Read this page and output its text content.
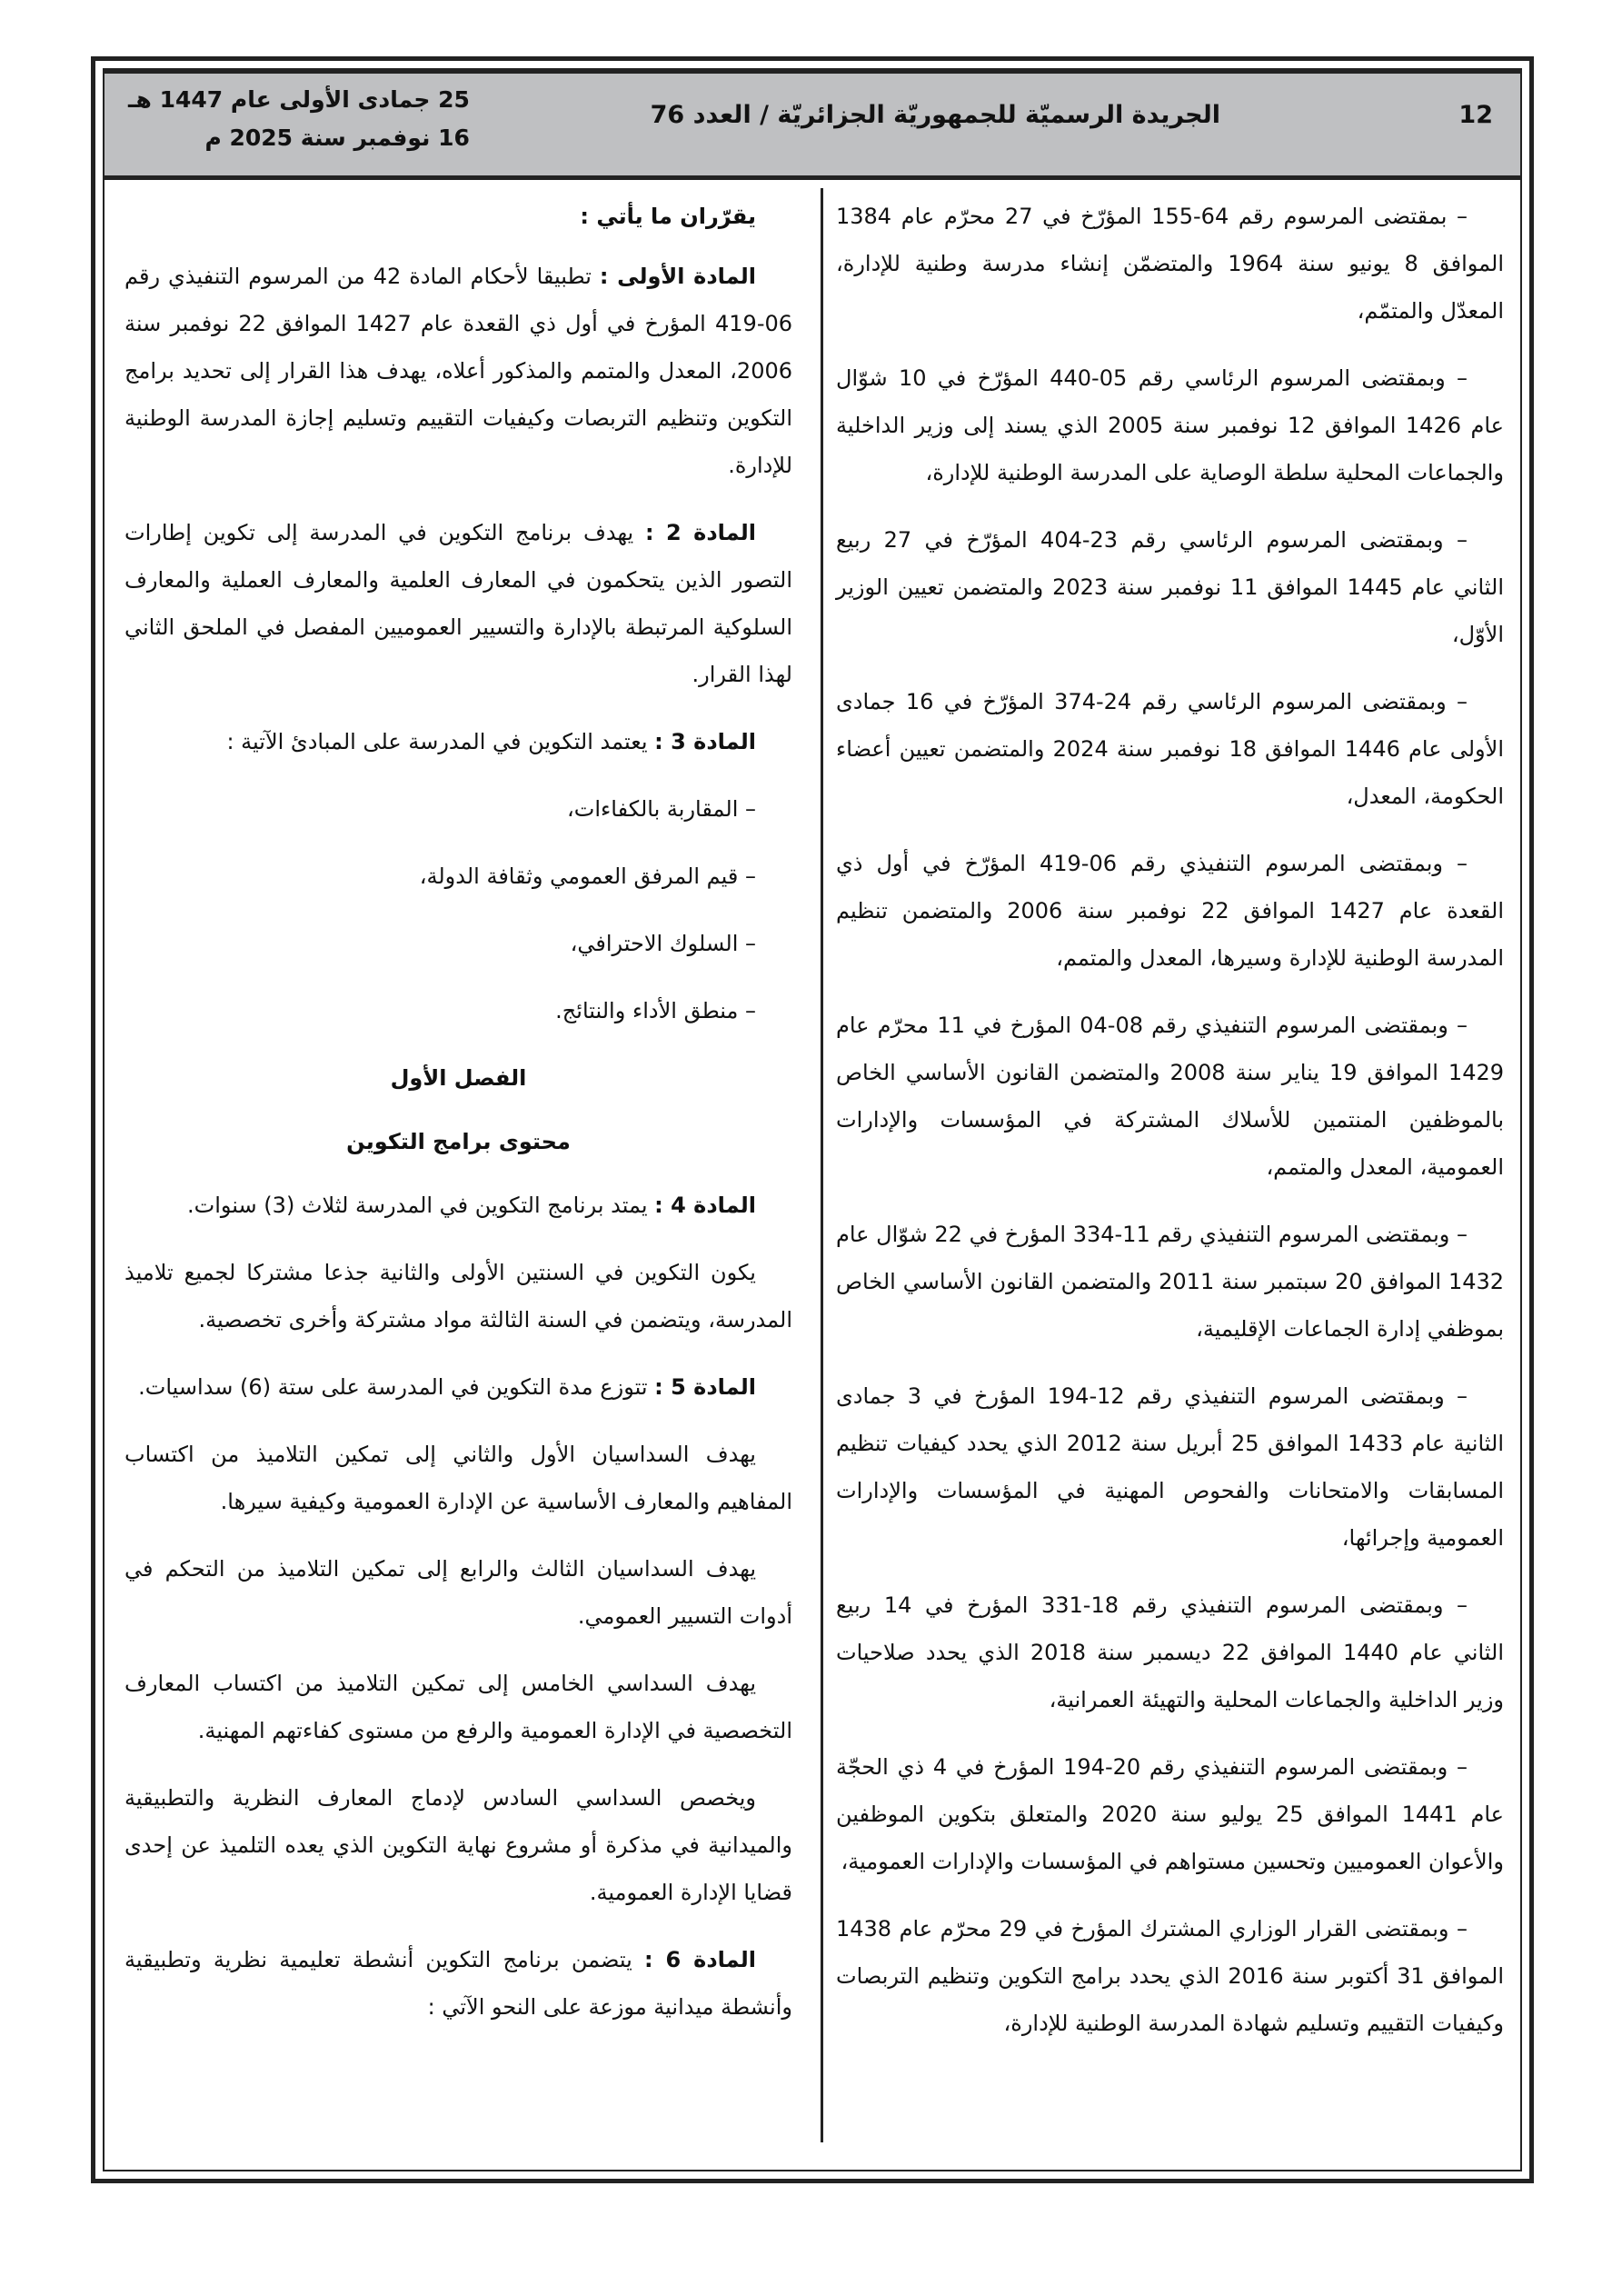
12
الجريدة الرسميّة للجمهوريّة الجزائريّة / العدد 76
25 جمادى الأولى عام 1447 هـ
16 نوفمبر سنة 2025 م

– بمقتضى المرسوم رقم 64-155 المؤرّخ في 27 محرّم عام 1384 الموافق 8 يونيو سنة 1964 والمتضمّن إنشاء مدرسة وطنية للإدارة، المعدّل والمتمّم،

– وبمقتضى المرسوم الرئاسي رقم 05-440 المؤرّخ في 10 شوّال عام 1426 الموافق 12 نوفمبر سنة 2005 الذي يسند إلى وزير الداخلية والجماعات المحلية سلطة الوصاية على المدرسة الوطنية للإدارة،

– وبمقتضى المرسوم الرئاسي رقم 23-404 المؤرّخ في 27 ربيع الثاني عام 1445 الموافق 11 نوفمبر سنة 2023 والمتضمن تعيين الوزير الأوّل،

– وبمقتضى المرسوم الرئاسي رقم 24-374 المؤرّخ في 16 جمادى الأولى عام 1446 الموافق 18 نوفمبر سنة 2024 والمتضمن تعيين أعضاء الحكومة، المعدل،

– وبمقتضى المرسوم التنفيذي رقم 06-419 المؤرّخ في أول ذي القعدة عام 1427 الموافق 22 نوفمبر سنة 2006 والمتضمن تنظيم المدرسة الوطنية للإدارة وسيرها، المعدل والمتمم،

– وبمقتضى المرسوم التنفيذي رقم 08-04 المؤرخ في 11 محرّم عام 1429 الموافق 19 يناير سنة 2008 والمتضمن القانون الأساسي الخاص بالموظفين المنتمين للأسلاك المشتركة في المؤسسات والإدارات العمومية، المعدل والمتمم،

– وبمقتضى المرسوم التنفيذي رقم 11-334 المؤرخ في 22 شوّال عام 1432 الموافق 20 سبتمبر سنة 2011 والمتضمن القانون الأساسي الخاص بموظفي إدارة الجماعات الإقليمية،

– وبمقتضى المرسوم التنفيذي رقم 12-194 المؤرخ في 3 جمادى الثانية عام 1433 الموافق 25 أبريل سنة 2012 الذي يحدد كيفيات تنظيم المسابقات والامتحانات والفحوص المهنية في المؤسسات والإدارات العمومية وإجرائها،

– وبمقتضى المرسوم التنفيذي رقم 18-331 المؤرخ في 14 ربيع الثاني عام 1440 الموافق 22 ديسمبر سنة 2018 الذي يحدد صلاحيات وزير الداخلية والجماعات المحلية والتهيئة العمرانية،

– وبمقتضى المرسوم التنفيذي رقم 20-194 المؤرخ في 4 ذي الحجّة عام 1441 الموافق 25 يوليو سنة 2020 والمتعلق بتكوين الموظفين والأعوان العموميين وتحسين مستواهم في المؤسسات والإدارات العمومية،

– وبمقتضى القرار الوزاري المشترك المؤرخ في 29 محرّم عام 1438 الموافق 31 أكتوبر سنة 2016 الذي يحدد برامج التكوين وتنظيم التربصات وكيفيات التقييم وتسليم شهادة المدرسة الوطنية للإدارة،

يقرّران ما يأتي :

المادة الأولى : تطبيقا لأحكام المادة 42 من المرسوم التنفيذي رقم 06-419 المؤرخ في أول ذي القعدة عام 1427 الموافق 22 نوفمبر سنة 2006، المعدل والمتمم والمذكور أعلاه، يهدف هذا القرار إلى تحديد برامج التكوين وتنظيم التربصات وكيفيات التقييم وتسليم إجازة المدرسة الوطنية للإدارة.

المادة 2 : يهدف برنامج التكوين في المدرسة إلى تكوين إطارات التصور الذين يتحكمون في المعارف العلمية والمعارف العملية والمعارف السلوكية المرتبطة بالإدارة والتسيير العموميين المفصل في الملحق الثاني لهذا القرار.

المادة 3 : يعتمد التكوين في المدرسة على المبادئ الآتية :

– المقاربة بالكفاءات،

– قيم المرفق العمومي وثقافة الدولة،

– السلوك الاحترافي،

– منطق الأداء والنتائج.

الفصل الأول

محتوى برامج التكوين

المادة 4 : يمتد برنامج التكوين في المدرسة لثلاث (3) سنوات.

يكون التكوين في السنتين الأولى والثانية جذعا مشتركا لجميع تلاميذ المدرسة، ويتضمن في السنة الثالثة مواد مشتركة وأخرى تخصصية.

المادة 5 : تتوزع مدة التكوين في المدرسة على ستة (6) سداسيات.

يهدف السداسيان الأول والثاني إلى تمكين التلاميذ من اكتساب المفاهيم والمعارف الأساسية عن الإدارة العمومية وكيفية سيرها.

يهدف السداسيان الثالث والرابع إلى تمكين التلاميذ من التحكم في أدوات التسيير العمومي.

يهدف السداسي الخامس إلى تمكين التلاميذ من اكتساب المعارف التخصصية في الإدارة العمومية والرفع من مستوى كفاءتهم المهنية.

ويخصص السداسي السادس لإدماج المعارف النظرية والتطبيقية والميدانية في مذكرة أو مشروع نهاية التكوين الذي يعده التلميذ عن إحدى قضايا الإدارة العمومية.

المادة 6 : يتضمن برنامج التكوين أنشطة تعليمية نظرية وتطبيقية وأنشطة ميدانية موزعة على النحو الآتي :
